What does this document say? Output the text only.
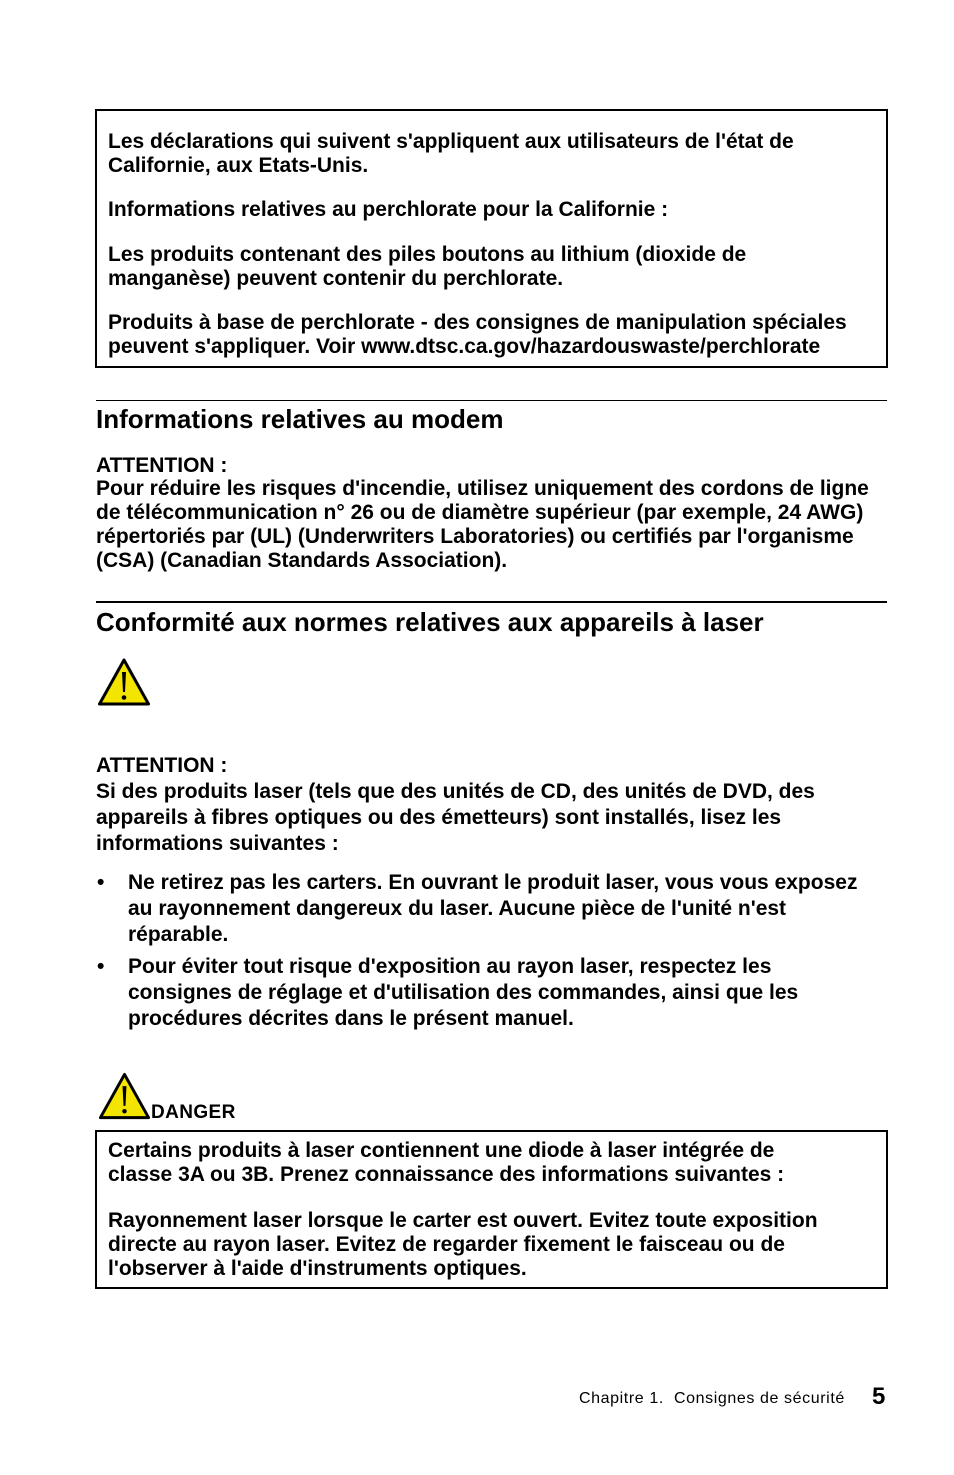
Les déclarations qui suivent s'appliquent aux utilisateurs de l'état de
Californie, aux Etats-Unis.

Informations relatives au perchlorate pour la Californie :

Les produits contenant des piles boutons au lithium (dioxide de
manganèse) peuvent contenir du perchlorate.

Produits à base de perchlorate - des consignes de manipulation spéciales
peuvent s'appliquer. Voir www.dtsc.ca.gov/hazardouswaste/perchlorate

Informations relatives au modem

ATTENTION :

Pour réduire les risques d'incendie, utilisez uniquement des cordons de ligne
de télécommunication n° 26 ou de diamètre supérieur (par exemple, 24 AWG)
répertoriés par (UL) (Underwriters Laboratories) ou certifiés par l'organisme
(CSA) (Canadian Standards Association).

Conformité aux normes relatives aux appareils à laser

ATTENTION :

Si des produits laser (tels que des unités de CD, des unités de DVD, des
appareils à fibres optiques ou des émetteurs) sont installés, lisez les
informations suivantes :

• Ne retirez pas les carters. En ouvrant le produit laser, vous vous exposez
au rayonnement dangereux du laser. Aucune pièce de l'unité n'est
réparable.

• Pour éviter tout risque d'exposition au rayon laser, respectez les
consignes de réglage et d'utilisation des commandes, ainsi que les
procédures décrites dans le présent manuel.

DANGER

Certains produits à laser contiennent une diode à laser intégrée de
classe 3A ou 3B. Prenez connaissance des informations suivantes :

Rayonnement laser lorsque le carter est ouvert. Evitez toute exposition
directe au rayon laser. Evitez de regarder fixement le faisceau ou de
l'observer à l'aide d'instruments optiques.

Chapitre 1.  Consignes de sécurité 5
